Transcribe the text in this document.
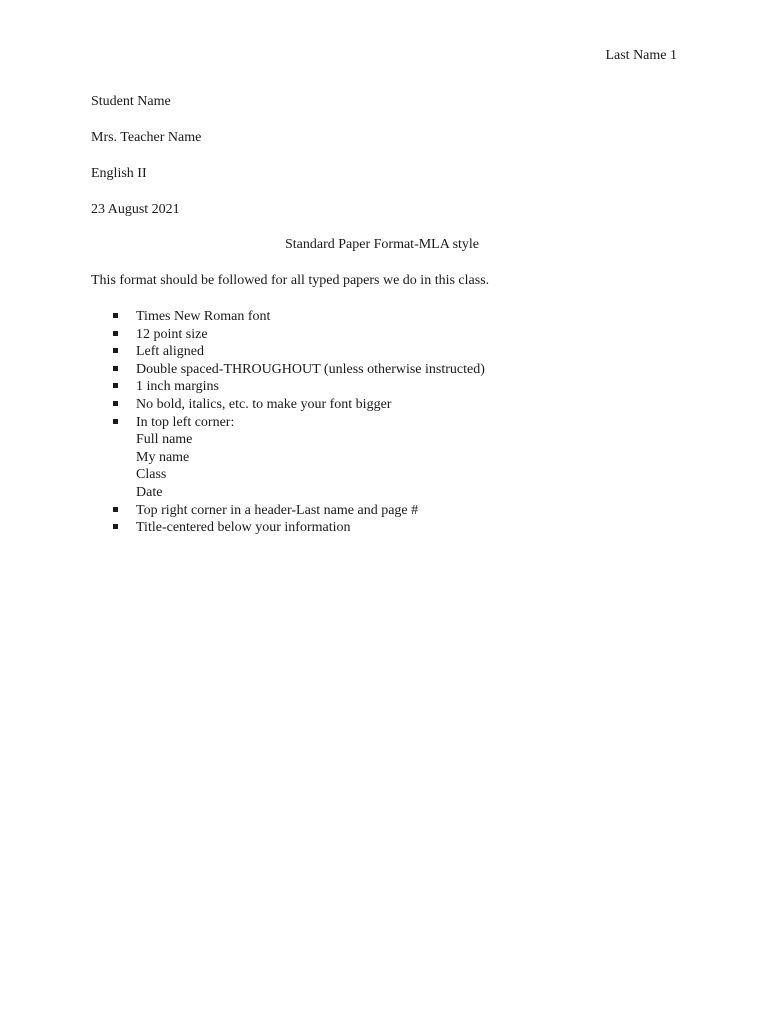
Last Name 1
Student Name
Mrs. Teacher Name
English II
23 August 2021
Standard Paper Format-MLA style
This format should be followed for all typed papers we do in this class.
Times New Roman font
12 point size
Left aligned
Double spaced-THROUGHOUT (unless otherwise instructed)
1 inch margins
No bold, italics, etc. to make your font bigger
In top left corner:
Full name
My name
Class
Date
Top right corner in a header-Last name and page #
Title-centered below your information
